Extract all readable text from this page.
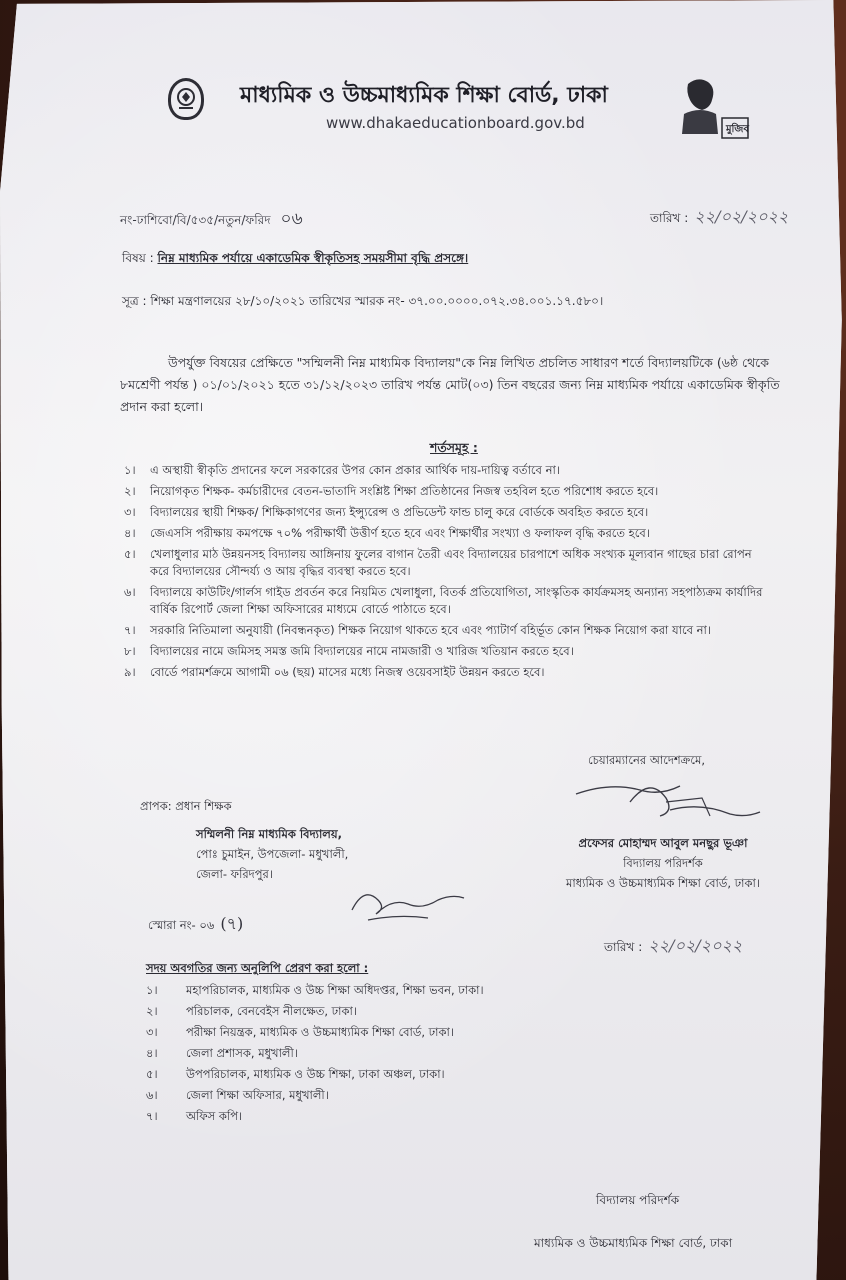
মাধ্যমিক ও উচ্চমাধ্যমিক শিক্ষা বোর্ড, ঢাকা
www.dhakaeducationboard.gov.bd	মুজিব
নং-ঢাশিবো/বি/৫৩৫/নতুন/ফরিদ ০৬	তারিখ : ২২/০২/২০২২
বিষয় : নিম্ন মাধ্যমিক পর্যায়ে একাডেমিক স্বীকৃতিসহ সময়সীমা বৃদ্ধি প্রসঙ্গে।
সূত্র : শিক্ষা মন্ত্রণালয়ের ২৮/১০/২০২১ তারিখের স্মারক নং- ৩৭.০০.০০০০.০৭২.৩৪.০০১.১৭.৫৮০।
উপর্যুক্ত বিষয়ের প্রেক্ষিতে "সম্মিলনী নিম্ন মাধ্যমিক বিদ্যালয়"কে নিম্ন লিখিত প্রচলিত সাধারণ শর্তে বিদ্যালয়টিকে (৬ষ্ঠ থেকে ৮মশ্রেণী পর্যন্ত ) ০১/০১/২০২১ হতে ৩১/১২/২০২৩ তারিখ পর্যন্ত মোট(০৩) তিন বছরের জন্য নিম্ন মাধ্যমিক পর্যায়ে একাডেমিক স্বীকৃতি প্রদান করা হলো।
শর্তসমূহ :
১।	এ অস্থায়ী স্বীকৃতি প্রদানের ফলে সরকারের উপর কোন প্রকার আর্থিক দায়-দায়িত্ব বর্তাবে না।
২।	নিয়োগকৃত শিক্ষক- কর্মচারীদের বেতন-ভাতাদি সংশ্লিষ্ট শিক্ষা প্রতিষ্ঠানের নিজস্ব তহবিল হতে পরিশোধ করতে হবে।
৩।	বিদ্যালয়ের স্থায়ী শিক্ষক/ শিক্ষিকাগণের জন্য ইন্স্যুরেন্স ও প্রভিডেন্ট ফান্ড চালু করে বোর্ডকে অবহিত করতে হবে।
৪।	জেএসসি পরীক্ষায় কমপক্ষে ৭০% পরীক্ষার্থী উত্তীর্ণ হতে হবে এবং শিক্ষার্থীর সংখ্যা ও ফলাফল বৃদ্ধি করতে হবে।
৫।	খেলাধুলার মাঠ উন্নয়নসহ বিদ্যালয় আঙ্গিনায় ফুলের বাগান তৈরী এবং বিদ্যালয়ের চারপাশে অধিক সংখ্যক মূল্যবান গাছের চারা রোপন করে বিদ্যালয়ের সৌন্দর্য্য ও আয় বৃদ্ধির ব্যবস্থা করতে হবে।
৬।	বিদ্যালয়ে কাউটিং/গার্লস গাইড প্রবর্তন করে নিয়মিত খেলাধুলা, বিতর্ক প্রতিযোগিতা, সাংস্কৃতিক কার্যক্রমসহ অন্যান্য সহপাঠ্যক্রম কার্যাদির বার্ষিক রিপোর্ট জেলা শিক্ষা অফিসারের মাধ্যমে বোর্ডে পাঠাতে হবে।
৭।	সরকারি নিতিমালা অনুযায়ী (নিবন্ধনকৃত) শিক্ষক নিয়োগ থাকতে হবে এবং প্যাটার্ণ বহির্ভূত কোন শিক্ষক নিয়োগ করা যাবে না।
৮।	বিদ্যালয়ের নামে জমিসহ সমস্ত জমি বিদ্যালয়ের নামে নামজারী ও খারিজ খতিয়ান করতে হবে।
৯।	বোর্ডে পরামর্শক্রমে আগামী ০৬ (ছয়) মাসের মধ্যে নিজস্ব ওয়েবসাইট উন্নয়ন করতে হবে।
চেয়ারম্যানের আদেশক্রমে,
প্রাপক: প্রধান শিক্ষক
সম্মিলনী নিম্ন মাধ্যমিক বিদ্যালয়,
পোঃ চুমাইন, উপজেলা- মধুখালী,
জেলা- ফরিদপুর।
প্রফেসর মোহাম্মদ আবুল মনছুর ভূঞা
বিদ্যালয় পরিদর্শক
মাধ্যমিক ও উচ্চমাধ্যমিক শিক্ষা বোর্ড, ঢাকা।
স্মোরা নং- ০৬ (৭)
তারিখ : ২২/০২/২০২২
সদয় অবগতির জন্য অনুলিপি প্রেরণ করা হলো :
১।	মহাপরিচালক, মাধ্যমিক ও উচ্চ শিক্ষা অধিদপ্তর, শিক্ষা ভবন, ঢাকা।
২।	পরিচালক, বেনবেইস নীলক্ষেত, ঢাকা।
৩।	পরীক্ষা নিয়ন্ত্রক, মাধ্যমিক ও উচ্চমাধ্যমিক শিক্ষা বোর্ড, ঢাকা।
৪।	জেলা প্রশাসক, মধুখালী।
৫।	উপপরিচালক, মাধ্যমিক ও উচ্চ শিক্ষা, ঢাকা অঞ্চল, ঢাকা।
৬।	জেলা শিক্ষা অফিসার, মধুখালী।
৭।	অফিস কপি।
বিদ্যালয় পরিদর্শক
মাধ্যমিক ও উচ্চমাধ্যমিক শিক্ষা বোর্ড, ঢাকা
